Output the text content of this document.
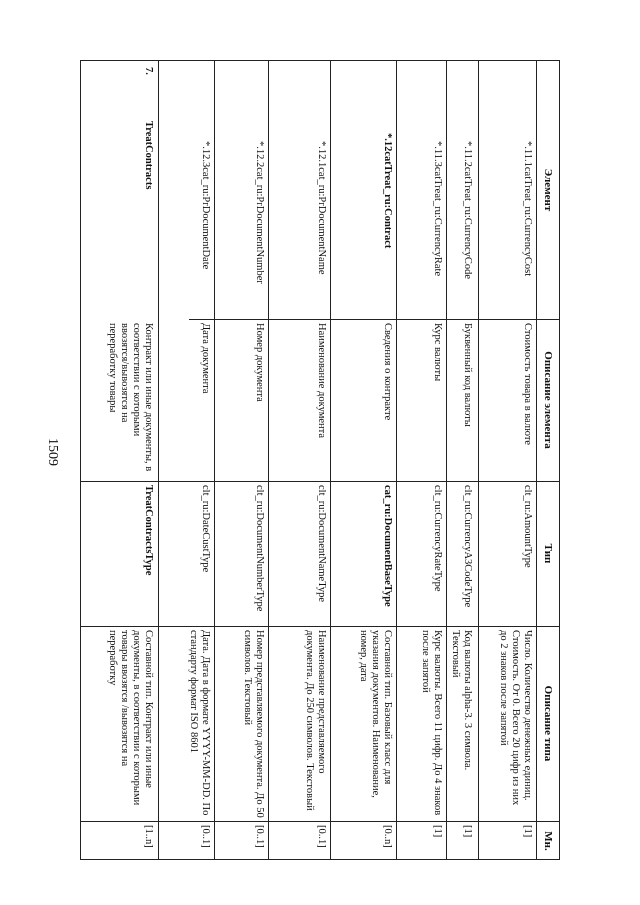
1509
Элемент
Описание элемента
Тип
Описание типа
Мн.
*.11.1catTreat_ru:CurrencyCost
Стоимость товара в валюте
clt_ru:AmountType
Число. Количество денежных единиц. Стоимость. От 0. Всего 20 цифр из них до 2 знаков после запятой
[1]
*.11.2catTreat_ru:CurrencyCode
Буквенный код валюты
clt_ru:CurrencyA3CodeType
Код валюты alpha-3. 3 символа. Текстовый
[1]
*.11.3catTreat_ru:CurrencyRate
Курс валюты
clt_ru:CurrencyRateType
Курс валюты. Всего 11 цифр. До 4 знаков после запятой
[1]
*.12catTreat_ru:Contract
Сведения о контракте
cat_ru:DocumentBaseType
Составной тип. Базовый класс для указания документов. Наименование, номер, дата
[0..n]
*.12.1cat_ru:PrDocumentName
Наименование документа
clt_ru:DocumentNameType
Наименование представляемого документа. До 250 символов. Текстовый
[0..1]
*.12.2cat_ru:PrDocumentNumber
Номер документа
clt_ru:DocumentNumberType
Номер представляемого документа. До 50 символов. Текстовый
[0..1]
*.12.3cat_ru:PrDocumentDate
Дата документа
clt_ru:DateCustType
Дата. Дата в формате YYYY-MM-DD. По стандарту формат ISO 8601
[0..1]
7.
TreatContracts
Контракт или иные документы, в соответствии с которыми ввозятся/вывозятся на переработку товары
TreatContractsType
Составной тип. Контракт или иные документы, в соответствии с которыми товары ввозятся /вывозятся на переработку
[1..n]
